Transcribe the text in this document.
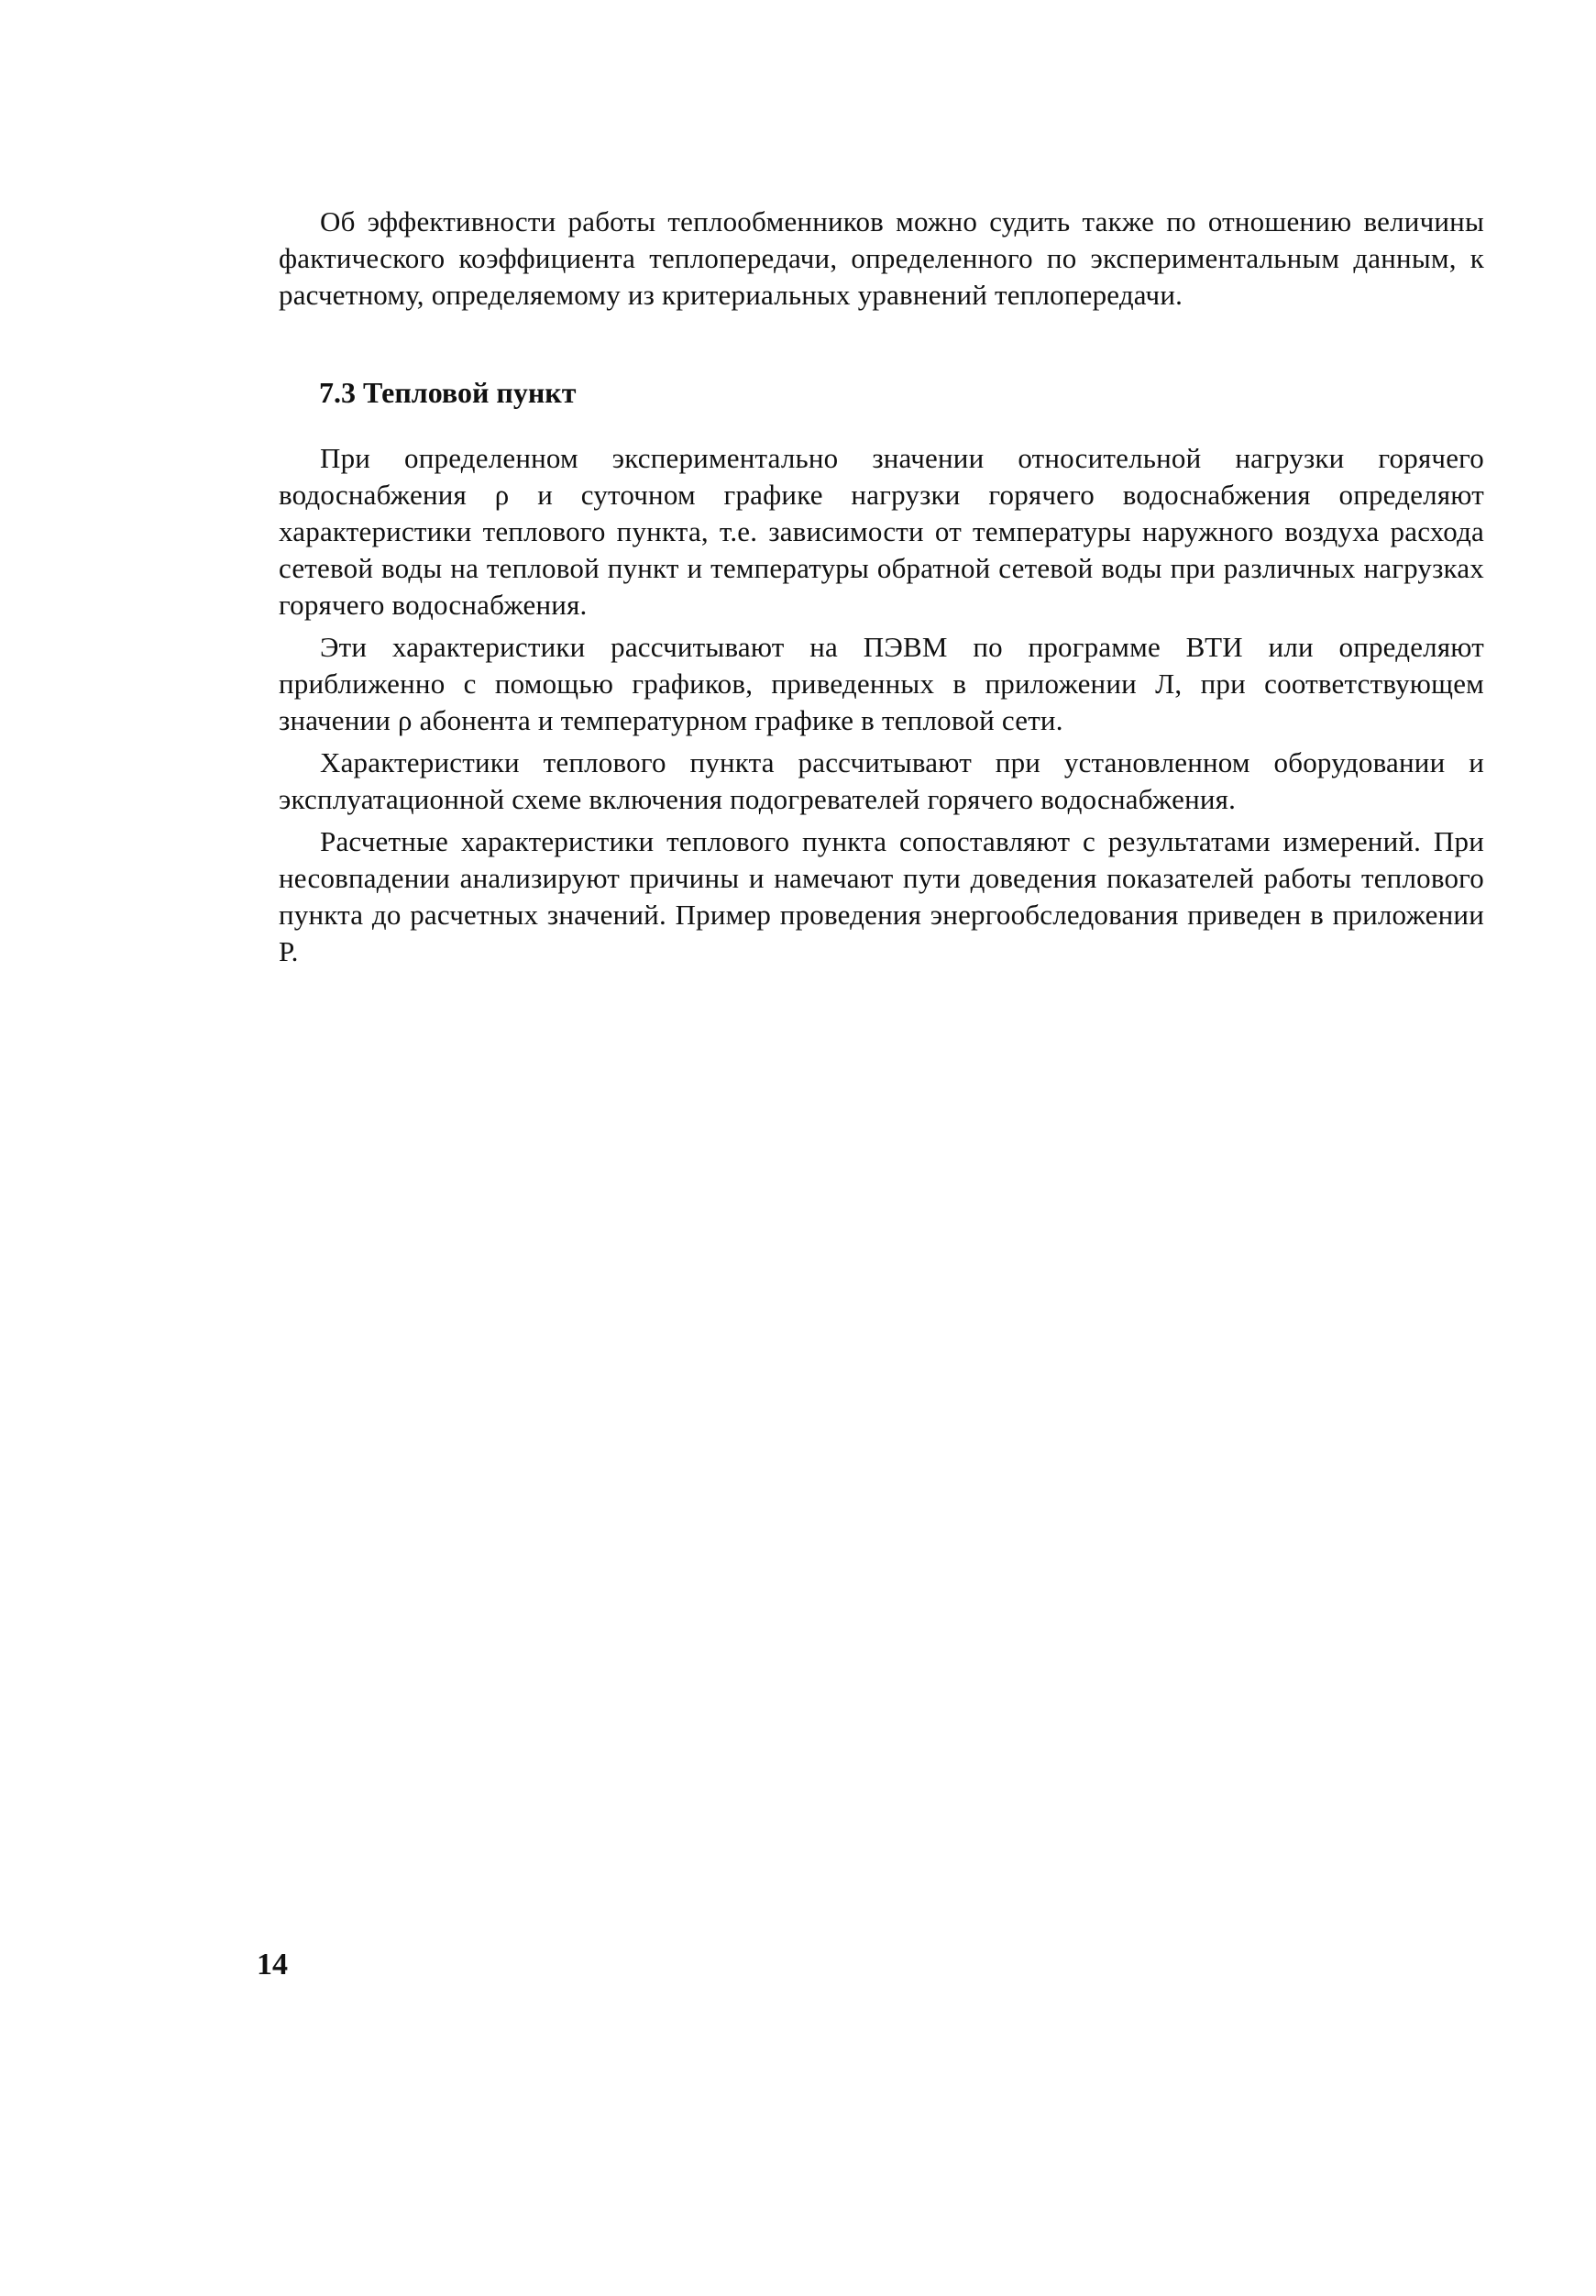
Об эффективности работы теплообменников можно судить также по отношению величины фактического коэффициента теплопередачи, определенного по экспериментальным данным, к расчетному, определяемому из критериальных уравнений теплопередачи.

7.3 Тепловой пункт

При определенном экспериментально значении относительной нагрузки горячего водоснабжения ρ и суточном графике нагрузки горячего водоснабжения определяют характеристики теплового пункта, т.е. зависимости от температуры наружного воздуха расхода сетевой воды на тепловой пункт и температуры обратной сетевой воды при различных нагрузках горячего водоснабжения.

Эти характеристики рассчитывают на ПЭВМ по программе ВТИ или определяют приближенно с помощью графиков, приведенных в приложении Л, при соответствующем значении ρ абонента и температурном графике в тепловой сети.

Характеристики теплового пункта рассчитывают при установленном оборудовании и эксплуатационной схеме включения подогревателей горячего водоснабжения.

Расчетные характеристики теплового пункта сопоставляют с результатами измерений. При несовпадении анализируют причины и намечают пути доведения показателей работы теплового пункта до расчетных значений. Пример проведения энергообследования приведен в приложении Р.

14
